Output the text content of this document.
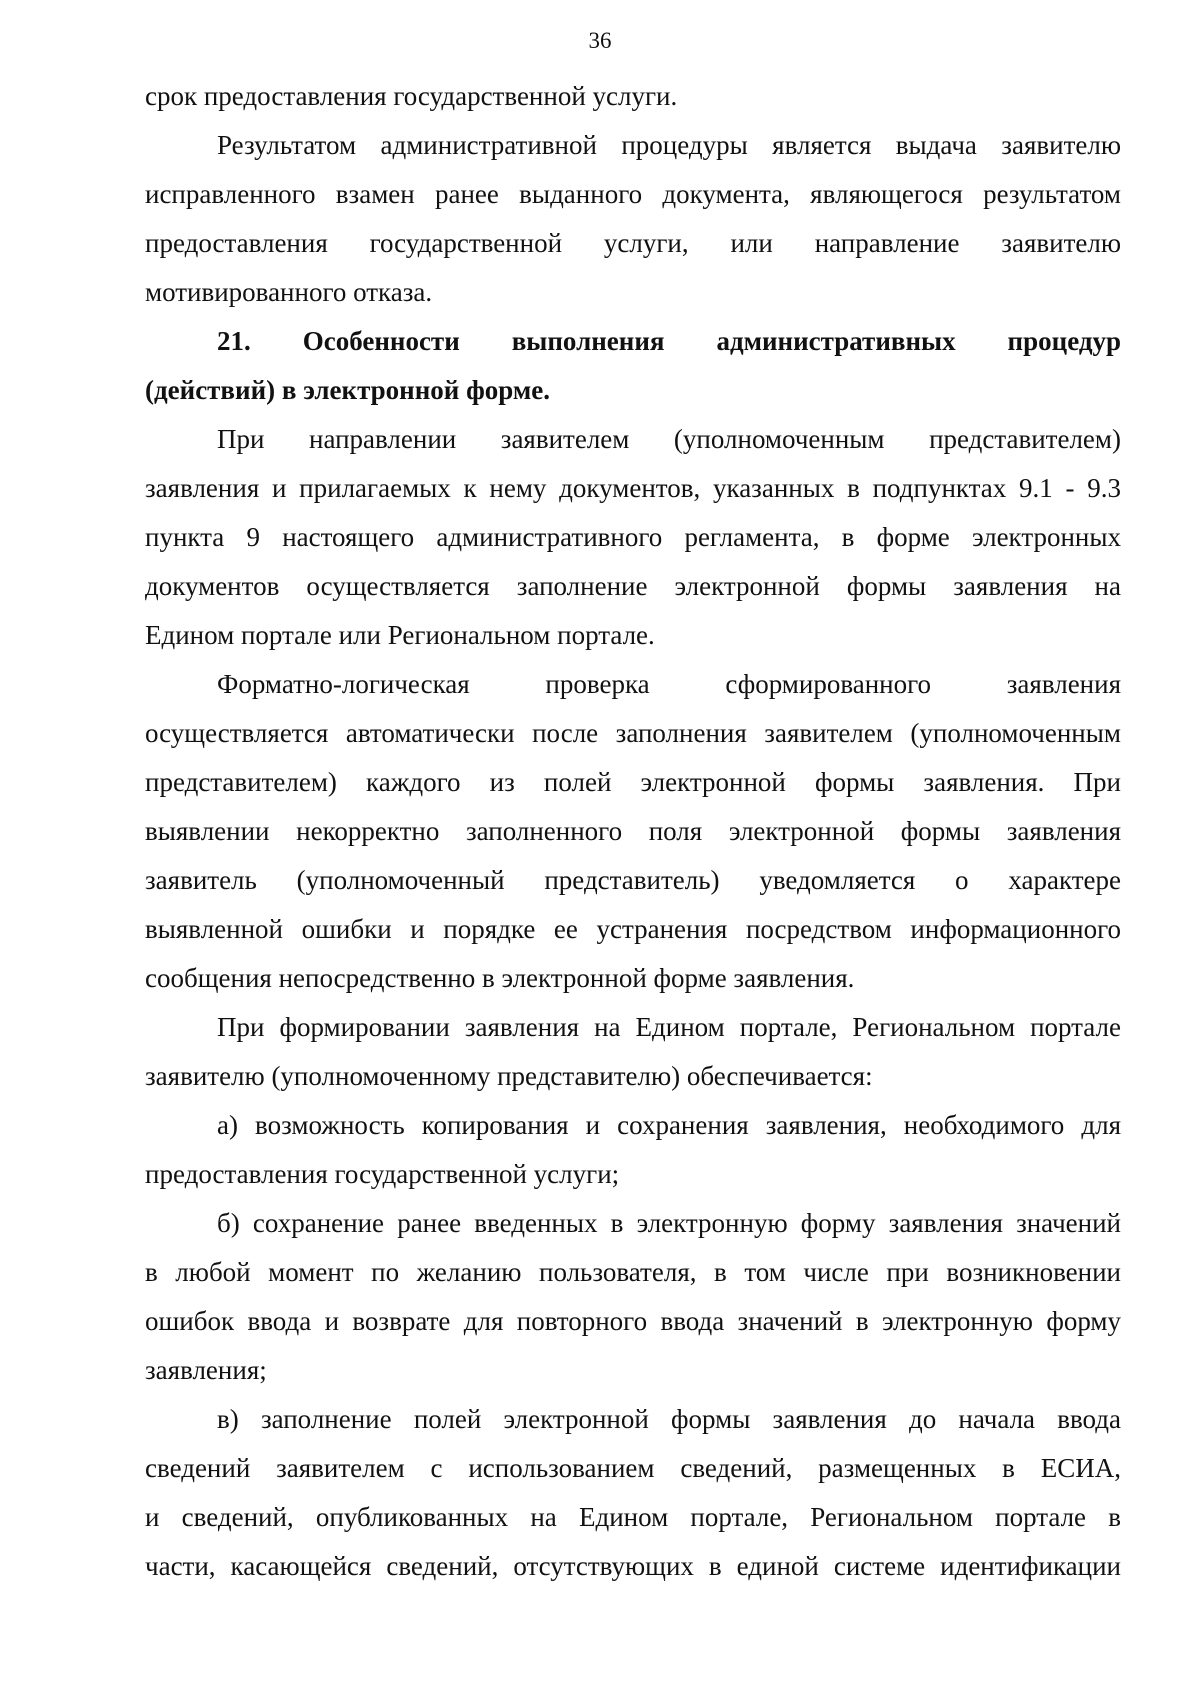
36
срок предоставления государственной услуги.
Результатом административной процедуры является выдача заявителю
исправленного взамен ранее выданного документа, являющегося результатом
предоставления государственной услуги, или направление заявителю
мотивированного отказа.
21. Особенности выполнения административных процедур
(действий) в электронной форме.
При направлении заявителем (уполномоченным представителем)
заявления и прилагаемых к нему документов, указанных в подпунктах 9.1 - 9.3
пункта 9 настоящего административного регламента, в форме электронных
документов осуществляется заполнение электронной формы заявления на
Едином портале или Региональном портале.
Форматно-логическая проверка сформированного заявления
осуществляется автоматически после заполнения заявителем (уполномоченным
представителем) каждого из полей электронной формы заявления. При
выявлении некорректно заполненного поля электронной формы заявления
заявитель (уполномоченный представитель) уведомляется о характере
выявленной ошибки и порядке ее устранения посредством информационного
сообщения непосредственно в электронной форме заявления.
При формировании заявления на Едином портале, Региональном портале
заявителю (уполномоченному представителю) обеспечивается:
а) возможность копирования и сохранения заявления, необходимого для
предоставления государственной услуги;
б) сохранение ранее введенных в электронную форму заявления значений
в любой момент по желанию пользователя, в том числе при возникновении
ошибок ввода и возврате для повторного ввода значений в электронную форму
заявления;
в) заполнение полей электронной формы заявления до начала ввода
сведений заявителем с использованием сведений, размещенных в ЕСИА,
и сведений, опубликованных на Едином портале, Региональном портале в
части, касающейся сведений, отсутствующих в единой системе идентификации
